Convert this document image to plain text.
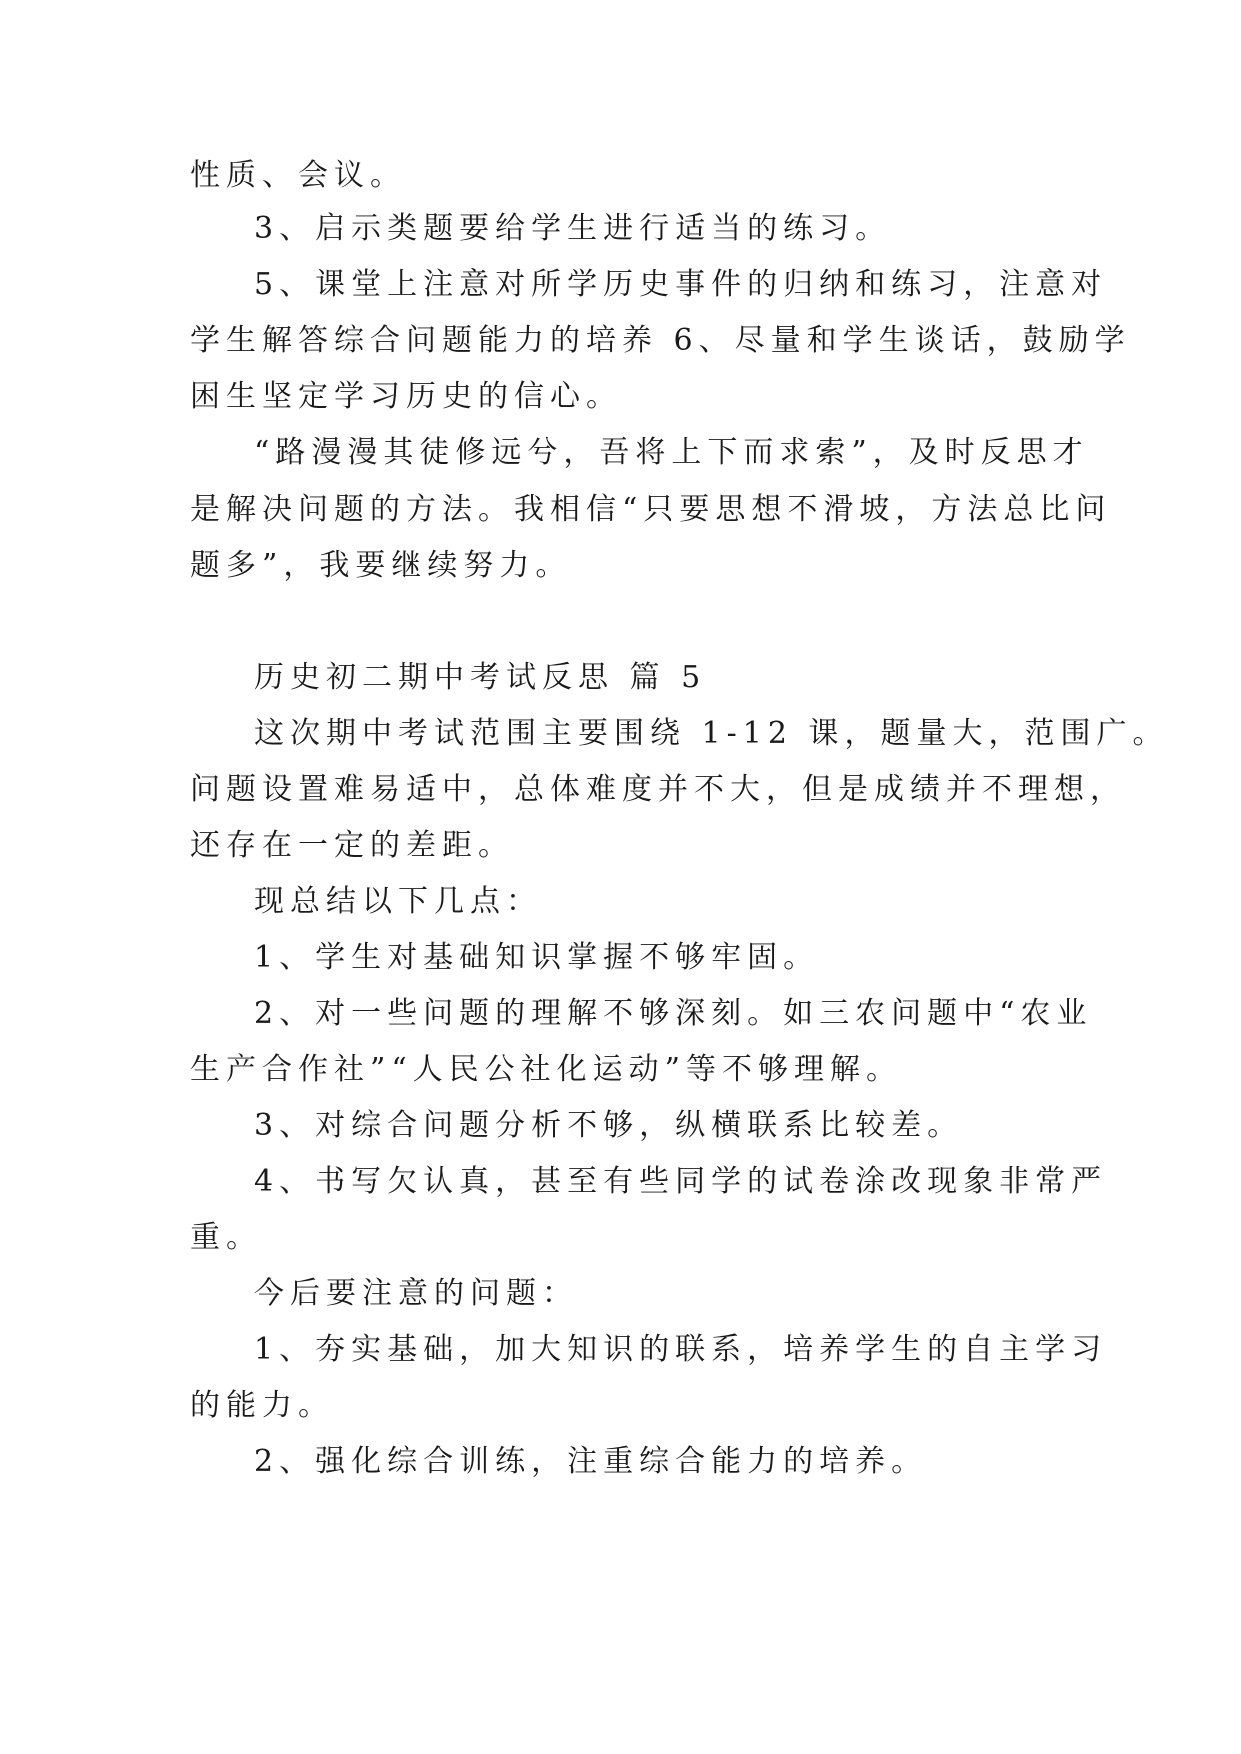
性质、会议。

3、启示类题要给学生进行适当的练习。

5、课堂上注意对所学历史事件的归纳和练习，注意对

学生解答综合问题能力的培养 6、尽量和学生谈话，鼓励学

困生坚定学习历史的信心。

“路漫漫其徒修远兮，吾将上下而求索”，及时反思才

是解决问题的方法。我相信“只要思想不滑坡，方法总比问

题多”，我要继续努力。

历史初二期中考试反思 篇 5

这次期中考试范围主要围绕 1-12 课，题量大，范围广。

问题设置难易适中，总体难度并不大，但是成绩并不理想，

还存在一定的差距。

现总结以下几点：

1、学生对基础知识掌握不够牢固。

2、对一些问题的理解不够深刻。如三农问题中“农业

生产合作社”“人民公社化运动”等不够理解。

3、对综合问题分析不够，纵横联系比较差。

4、书写欠认真，甚至有些同学的试卷涂改现象非常严

重。

今后要注意的问题：

1、夯实基础，加大知识的联系，培养学生的自主学习

的能力。

2、强化综合训练，注重综合能力的培养。
